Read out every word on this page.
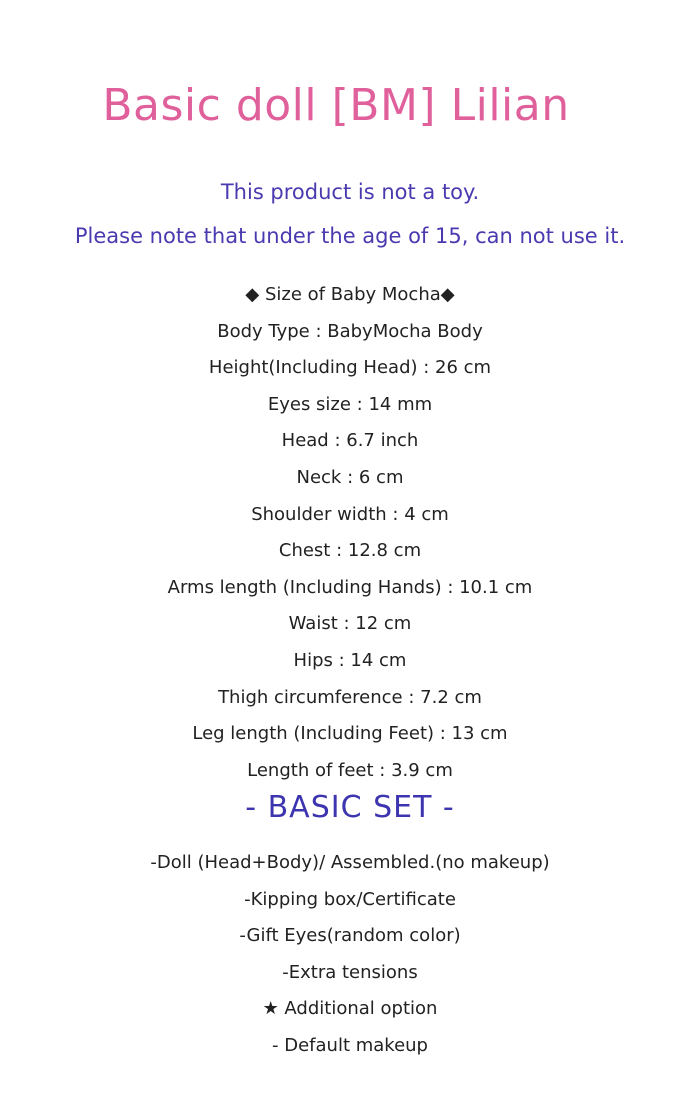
Basic doll [BM] Lilian
This product is not a toy.
Please note that under the age of 15, can not use it.
◆ Size of Baby Mocha◆
Body Type : BabyMocha Body
Height(Including Head) : 26 cm
Eyes size : 14 mm
Head : 6.7 inch
Neck : 6 cm
Shoulder width : 4 cm
Chest : 12.8 cm
Arms length (Including Hands) : 10.1 cm
Waist : 12 cm
Hips : 14 cm
Thigh circumference : 7.2 cm
Leg length (Including Feet) : 13 cm
Length of feet : 3.9 cm
- BASIC SET -
-Doll (Head+Body)/ Assembled.(no makeup)
-Kipping box/Certificate
-Gift Eyes(random color)
-Extra tensions
★ Additional option
- Default makeup
